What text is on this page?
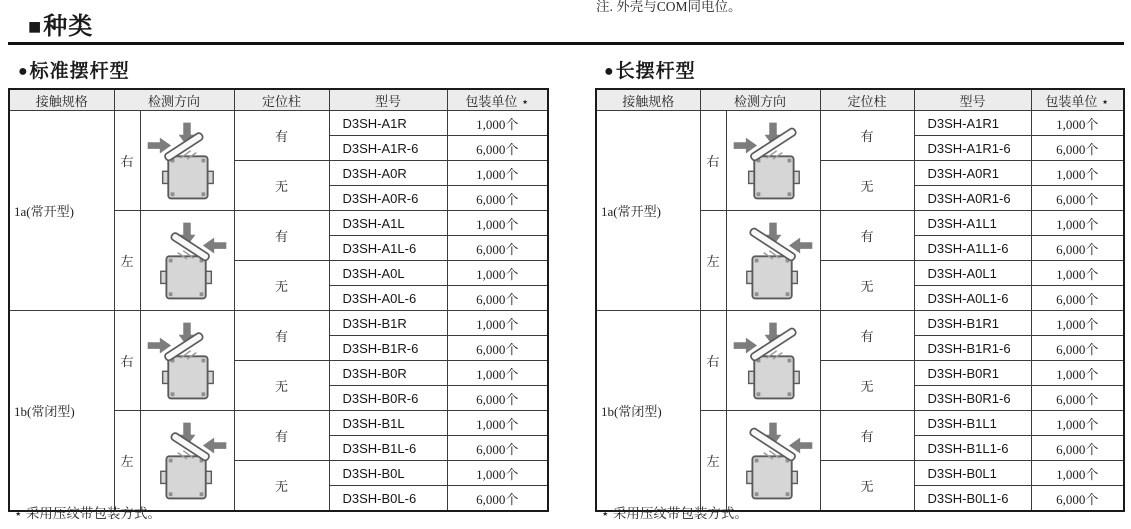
注. 外壳与COM同电位。
■种类
●标准摆杆型	●长摆杆型
接触规格	检测方向		定位柱	型号	包装单位 ⋆
1a(常开型)	右		有	D3SH-A1R	1,000个
				D3SH-A1R-6	6,000个
			无	D3SH-A0R	1,000个
				D3SH-A0R-6	6,000个
	左		有	D3SH-A1L	1,000个
				D3SH-A1L-6	6,000个
			无	D3SH-A0L	1,000个
				D3SH-A0L-6	6,000个
1b(常闭型)	右		有	D3SH-B1R	1,000个
				D3SH-B1R-6	6,000个
			无	D3SH-B0R	1,000个
				D3SH-B0R-6	6,000个
	左		有	D3SH-B1L	1,000个
				D3SH-B1L-6	6,000个
			无	D3SH-B0L	1,000个
				D3SH-B0L-6	6,000个
接触规格	检测方向		定位柱	型号	包装单位 ⋆
1a(常开型)	右		有	D3SH-A1R1	1,000个
				D3SH-A1R1-6	6,000个
			无	D3SH-A0R1	1,000个
				D3SH-A0R1-6	6,000个
	左		有	D3SH-A1L1	1,000个
				D3SH-A1L1-6	6,000个
			无	D3SH-A0L1	1,000个
				D3SH-A0L1-6	6,000个
1b(常闭型)	右		有	D3SH-B1R1	1,000个
				D3SH-B1R1-6	6,000个
			无	D3SH-B0R1	1,000个
				D3SH-B0R1-6	6,000个
	左		有	D3SH-B1L1	1,000个
				D3SH-B1L1-6	6,000个
			无	D3SH-B0L1	1,000个
				D3SH-B0L1-6	6,000个
⋆ 采用压纹带包装方式。	⋆ 采用压纹带包装方式。
